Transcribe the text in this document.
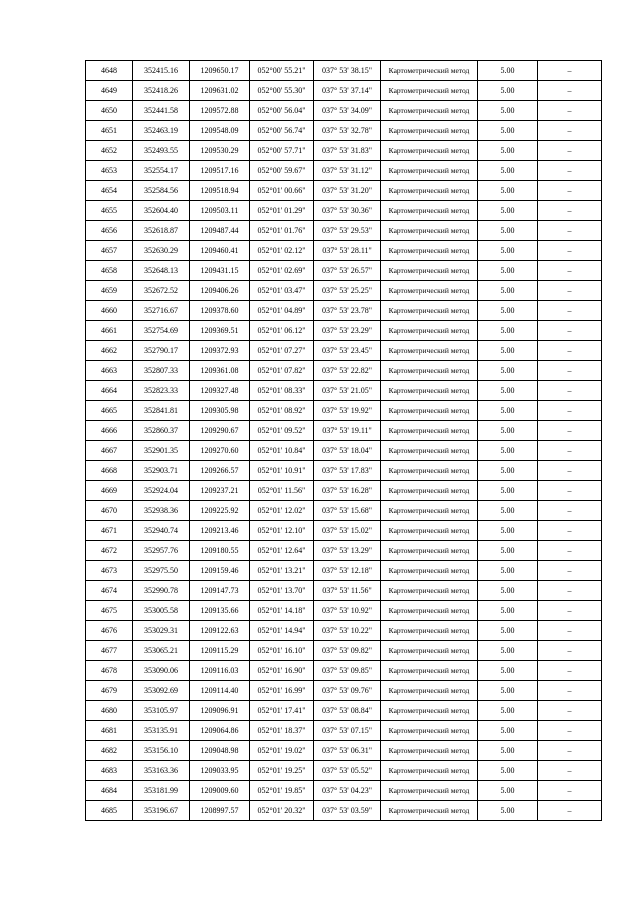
4648	352415.16	1209650.17	052°00' 55.21"	037° 53' 38.15"	Картометрический метод	5.00	–
4649	352418.26	1209631.02	052°00' 55.30"	037° 53' 37.14"	Картометрический метод	5.00	–
4650	352441.58	1209572.88	052°00' 56.04"	037° 53' 34.09"	Картометрический метод	5.00	–
4651	352463.19	1209548.09	052°00' 56.74"	037° 53' 32.78"	Картометрический метод	5.00	–
4652	352493.55	1209530.29	052°00' 57.71"	037° 53' 31.83"	Картометрический метод	5.00	–
4653	352554.17	1209517.16	052°00' 59.67"	037° 53' 31.12"	Картометрический метод	5.00	–
4654	352584.56	1209518.94	052°01' 00.66"	037° 53' 31.20"	Картометрический метод	5.00	–
4655	352604.40	1209503.11	052°01' 01.29"	037° 53' 30.36"	Картометрический метод	5.00	–
4656	352618.87	1209487.44	052°01' 01.76"	037° 53' 29.53"	Картометрический метод	5.00	–
4657	352630.29	1209460.41	052°01' 02.12"	037° 53' 28.11"	Картометрический метод	5.00	–
4658	352648.13	1209431.15	052°01' 02.69"	037° 53' 26.57"	Картометрический метод	5.00	–
4659	352672.52	1209406.26	052°01' 03.47"	037° 53' 25.25"	Картометрический метод	5.00	–
4660	352716.67	1209378.60	052°01' 04.89"	037° 53' 23.78"	Картометрический метод	5.00	–
4661	352754.69	1209369.51	052°01' 06.12"	037° 53' 23.29"	Картометрический метод	5.00	–
4662	352790.17	1209372.93	052°01' 07.27"	037° 53' 23.45"	Картометрический метод	5.00	–
4663	352807.33	1209361.08	052°01' 07.82"	037° 53' 22.82"	Картометрический метод	5.00	–
4664	352823.33	1209327.48	052°01' 08.33"	037° 53' 21.05"	Картометрический метод	5.00	–
4665	352841.81	1209305.98	052°01' 08.92"	037° 53' 19.92"	Картометрический метод	5.00	–
4666	352860.37	1209290.67	052°01' 09.52"	037° 53' 19.11"	Картометрический метод	5.00	–
4667	352901.35	1209270.60	052°01' 10.84"	037° 53' 18.04"	Картометрический метод	5.00	–
4668	352903.71	1209266.57	052°01' 10.91"	037° 53' 17.83"	Картометрический метод	5.00	–
4669	352924.04	1209237.21	052°01' 11.56"	037° 53' 16.28"	Картометрический метод	5.00	–
4670	352938.36	1209225.92	052°01' 12.02"	037° 53' 15.68"	Картометрический метод	5.00	–
4671	352940.74	1209213.46	052°01' 12.10"	037° 53' 15.02"	Картометрический метод	5.00	–
4672	352957.76	1209180.55	052°01' 12.64"	037° 53' 13.29"	Картометрический метод	5.00	–
4673	352975.50	1209159.46	052°01' 13.21"	037° 53' 12.18"	Картометрический метод	5.00	–
4674	352990.78	1209147.73	052°01' 13.70"	037° 53' 11.56"	Картометрический метод	5.00	–
4675	353005.58	1209135.66	052°01' 14.18"	037° 53' 10.92"	Картометрический метод	5.00	–
4676	353029.31	1209122.63	052°01' 14.94"	037° 53' 10.22"	Картометрический метод	5.00	–
4677	353065.21	1209115.29	052°01' 16.10"	037° 53' 09.82"	Картометрический метод	5.00	–
4678	353090.06	1209116.03	052°01' 16.90"	037° 53' 09.85"	Картометрический метод	5.00	–
4679	353092.69	1209114.40	052°01' 16.99"	037° 53' 09.76"	Картометрический метод	5.00	–
4680	353105.97	1209096.91	052°01' 17.41"	037° 53' 08.84"	Картометрический метод	5.00	–
4681	353135.91	1209064.86	052°01' 18.37"	037° 53' 07.15"	Картометрический метод	5.00	–
4682	353156.10	1209048.98	052°01' 19.02"	037° 53' 06.31"	Картометрический метод	5.00	–
4683	353163.36	1209033.95	052°01' 19.25"	037° 53' 05.52"	Картометрический метод	5.00	–
4684	353181.99	1209009.60	052°01' 19.85"	037° 53' 04.23"	Картометрический метод	5.00	–
4685	353196.67	1208997.57	052°01' 20.32"	037° 53' 03.59"	Картометрический метод	5.00	–
